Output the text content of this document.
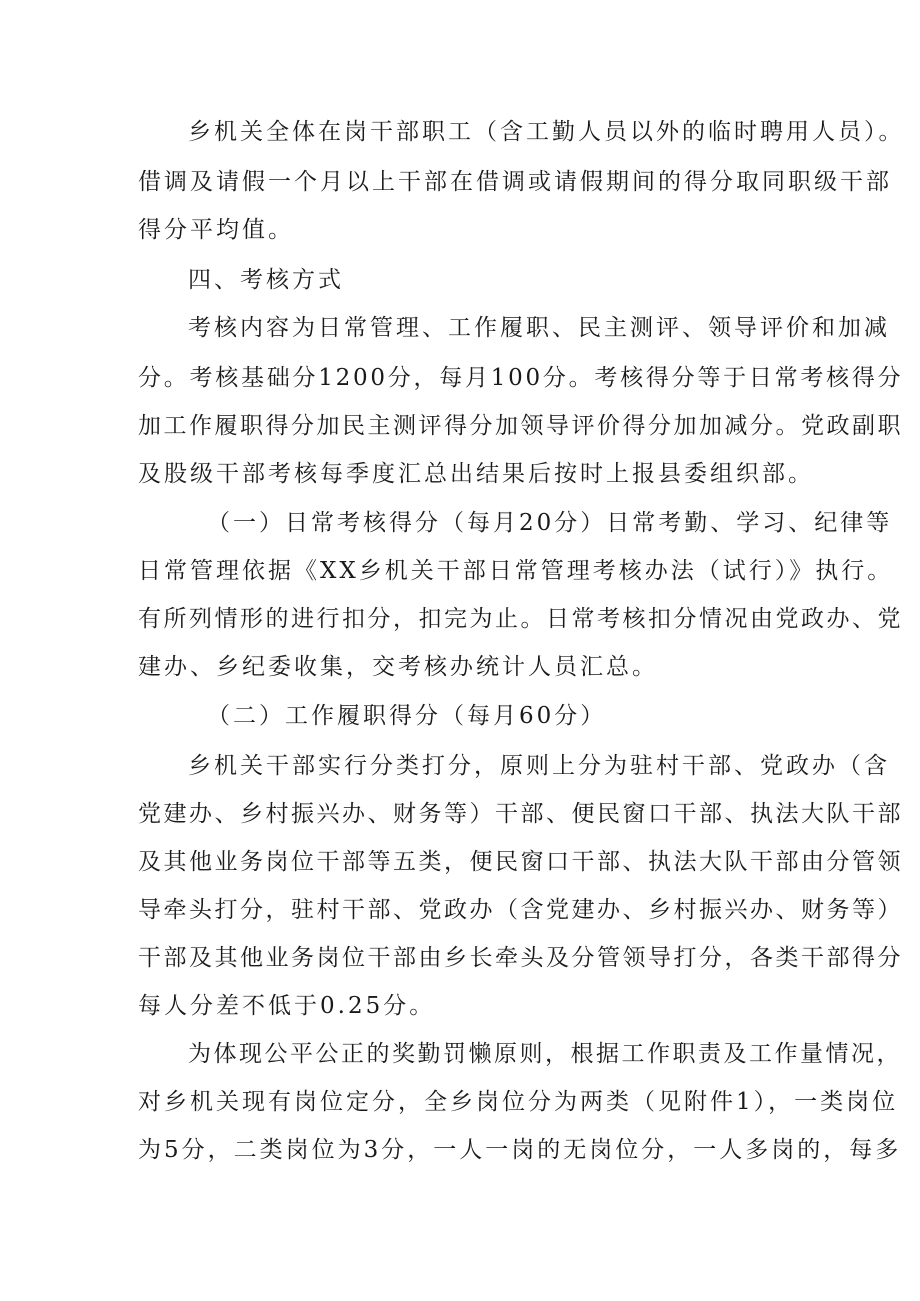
乡机关全体在岗干部职工（含工勤人员以外的临时聘用人员）。
借调及请假一个月以上干部在借调或请假期间的得分取同职级干部
得分平均值。
四、考核方式
考核内容为日常管理、工作履职、民主测评、领导评价和加减
分。考核基础分1200分，每月100分。考核得分等于日常考核得分
加工作履职得分加民主测评得分加领导评价得分加加减分。党政副职
及股级干部考核每季度汇总出结果后按时上报县委组织部。
（一）日常考核得分（每月20分）日常考勤、学习、纪律等
日常管理依据《XX乡机关干部日常管理考核办法（试行）》执行。
有所列情形的进行扣分，扣完为止。日常考核扣分情况由党政办、党
建办、乡纪委收集，交考核办统计人员汇总。
（二）工作履职得分（每月60分）
乡机关干部实行分类打分，原则上分为驻村干部、党政办（含
党建办、乡村振兴办、财务等）干部、便民窗口干部、执法大队干部
及其他业务岗位干部等五类，便民窗口干部、执法大队干部由分管领
导牵头打分，驻村干部、党政办（含党建办、乡村振兴办、财务等）
干部及其他业务岗位干部由乡长牵头及分管领导打分，各类干部得分
每人分差不低于0.25分。
为体现公平公正的奖勤罚懒原则，根据工作职责及工作量情况，
对乡机关现有岗位定分，全乡岗位分为两类（见附件1），一类岗位
为5分，二类岗位为3分，一人一岗的无岗位分，一人多岗的，每多
